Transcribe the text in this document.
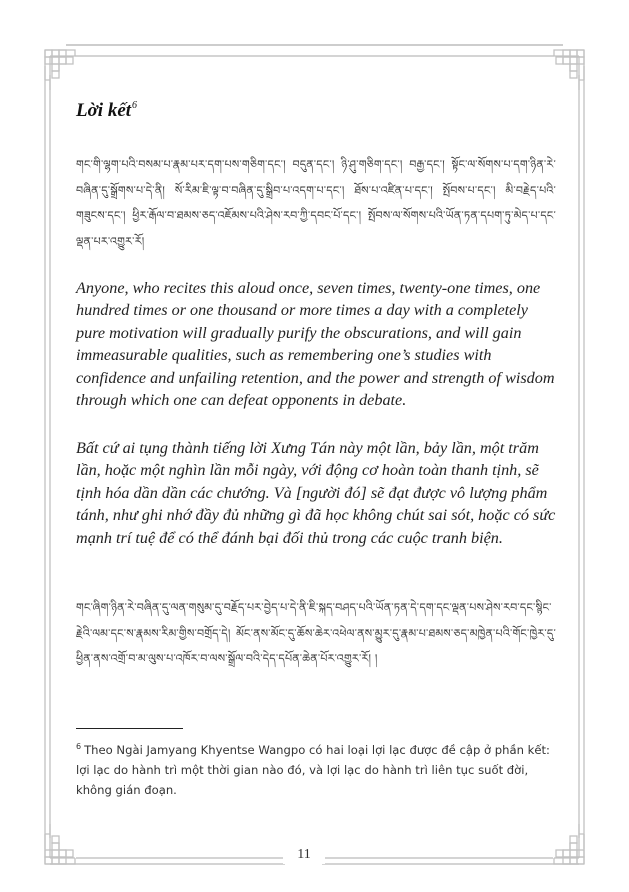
Lời kết$^6$
གང་གི་ལྷག་པའི་བསམ་པ་རྣམ་པར་དག་པས་གཅིག་དང་། བདུན་དང་། ཉི་ཤུ་གཅིག་དང་། བརྒྱ་དང་། སྟོང་ལ་སོགས་པ་དག་ཉིན་རེ་བཞིན་དུ་སྒྲོགས་པ་དེ་ནི། སོ་རིམ་ཇི་ལྟ་བ་བཞིན་དུ་སྒྲིབ་པ་འདག་པ་དང་། ཐོས་པ་འཛིན་པ་དང་། སྤོབས་པ་དང་། མི་བརྗེད་པའི་གཟུངས་དང་། ཕྱིར་རྒོལ་བ་ཐམས་ཅད་འཇོམས་པའི་ཤེས་རབ་ཀྱི་དབང་པོ་དང་། སྤོབས་ལ་སོགས་པའི་ཡོན་ཏན་དཔག་ཏུ་མེད་པ་དང་ལྡན་པར་འགྱུར་རོ།
Anyone, who recites this aloud once, seven times, twenty-one times, one hundred times or one thousand or more times a day with a completely pure motivation will gradually purify the obscurations, and will gain immeasurable qualities, such as remembering one’s studies with confidence and unfailing retention, and the power and strength of wisdom through which one can defeat opponents in debate.
Bất cứ ai tụng thành tiếng lời Xưng Tán này một lần, bảy lần, một trăm lần, hoặc một nghìn lần mỗi ngày, với động cơ hoàn toàn thanh tịnh, sẽ tịnh hóa dần dần các chướng. Và [người đó] sẽ đạt được vô lượng phẩm tánh, như ghi nhớ đầy đủ những gì đã học không chút sai sót, hoặc có sức mạnh trí tuệ để có thể đánh bại đối thủ trong các cuộc tranh biện.
གང་ཞིག་ཉིན་རེ་བཞིན་དུ་ལན་གསུམ་དུ་བརྗོད་པར་བྱེད་པ་དེ་ནི་ཇི་སྐད་བཤད་པའི་ཡོན་ཏན་དེ་དག་དང་ལྡན་པས་ཤེས་རབ་དང་སྙིང་རྗེའི་ལམ་དང་ས་རྣམས་རིམ་གྱིས་བགྲོད་དེ། མོང་ནས་མོང་དུ་ཆོས་ཆེར་འཕེལ་ནས་མྱུར་དུ་རྣམ་པ་ཐམས་ཅད་མཁྱེན་པའི་གོང་ཁྱེར་དུ་ཕྱིན་ནས་འགྲོ་བ་མ་ལུས་པ་འཁོར་བ་ལས་སྒྲོལ་བའི་དེད་དཔོན་ཆེན་པོར་འགྱུར་རོ། །
$^6$ Theo Ngài Jamyang Khyentse Wangpo có hai loại lợi lạc được đề cập ở phần kết: lợi lạc do hành trì một thời gian nào đó, và lợi lạc do hành trì liên tục suốt đời, không gián đoạn.
11
